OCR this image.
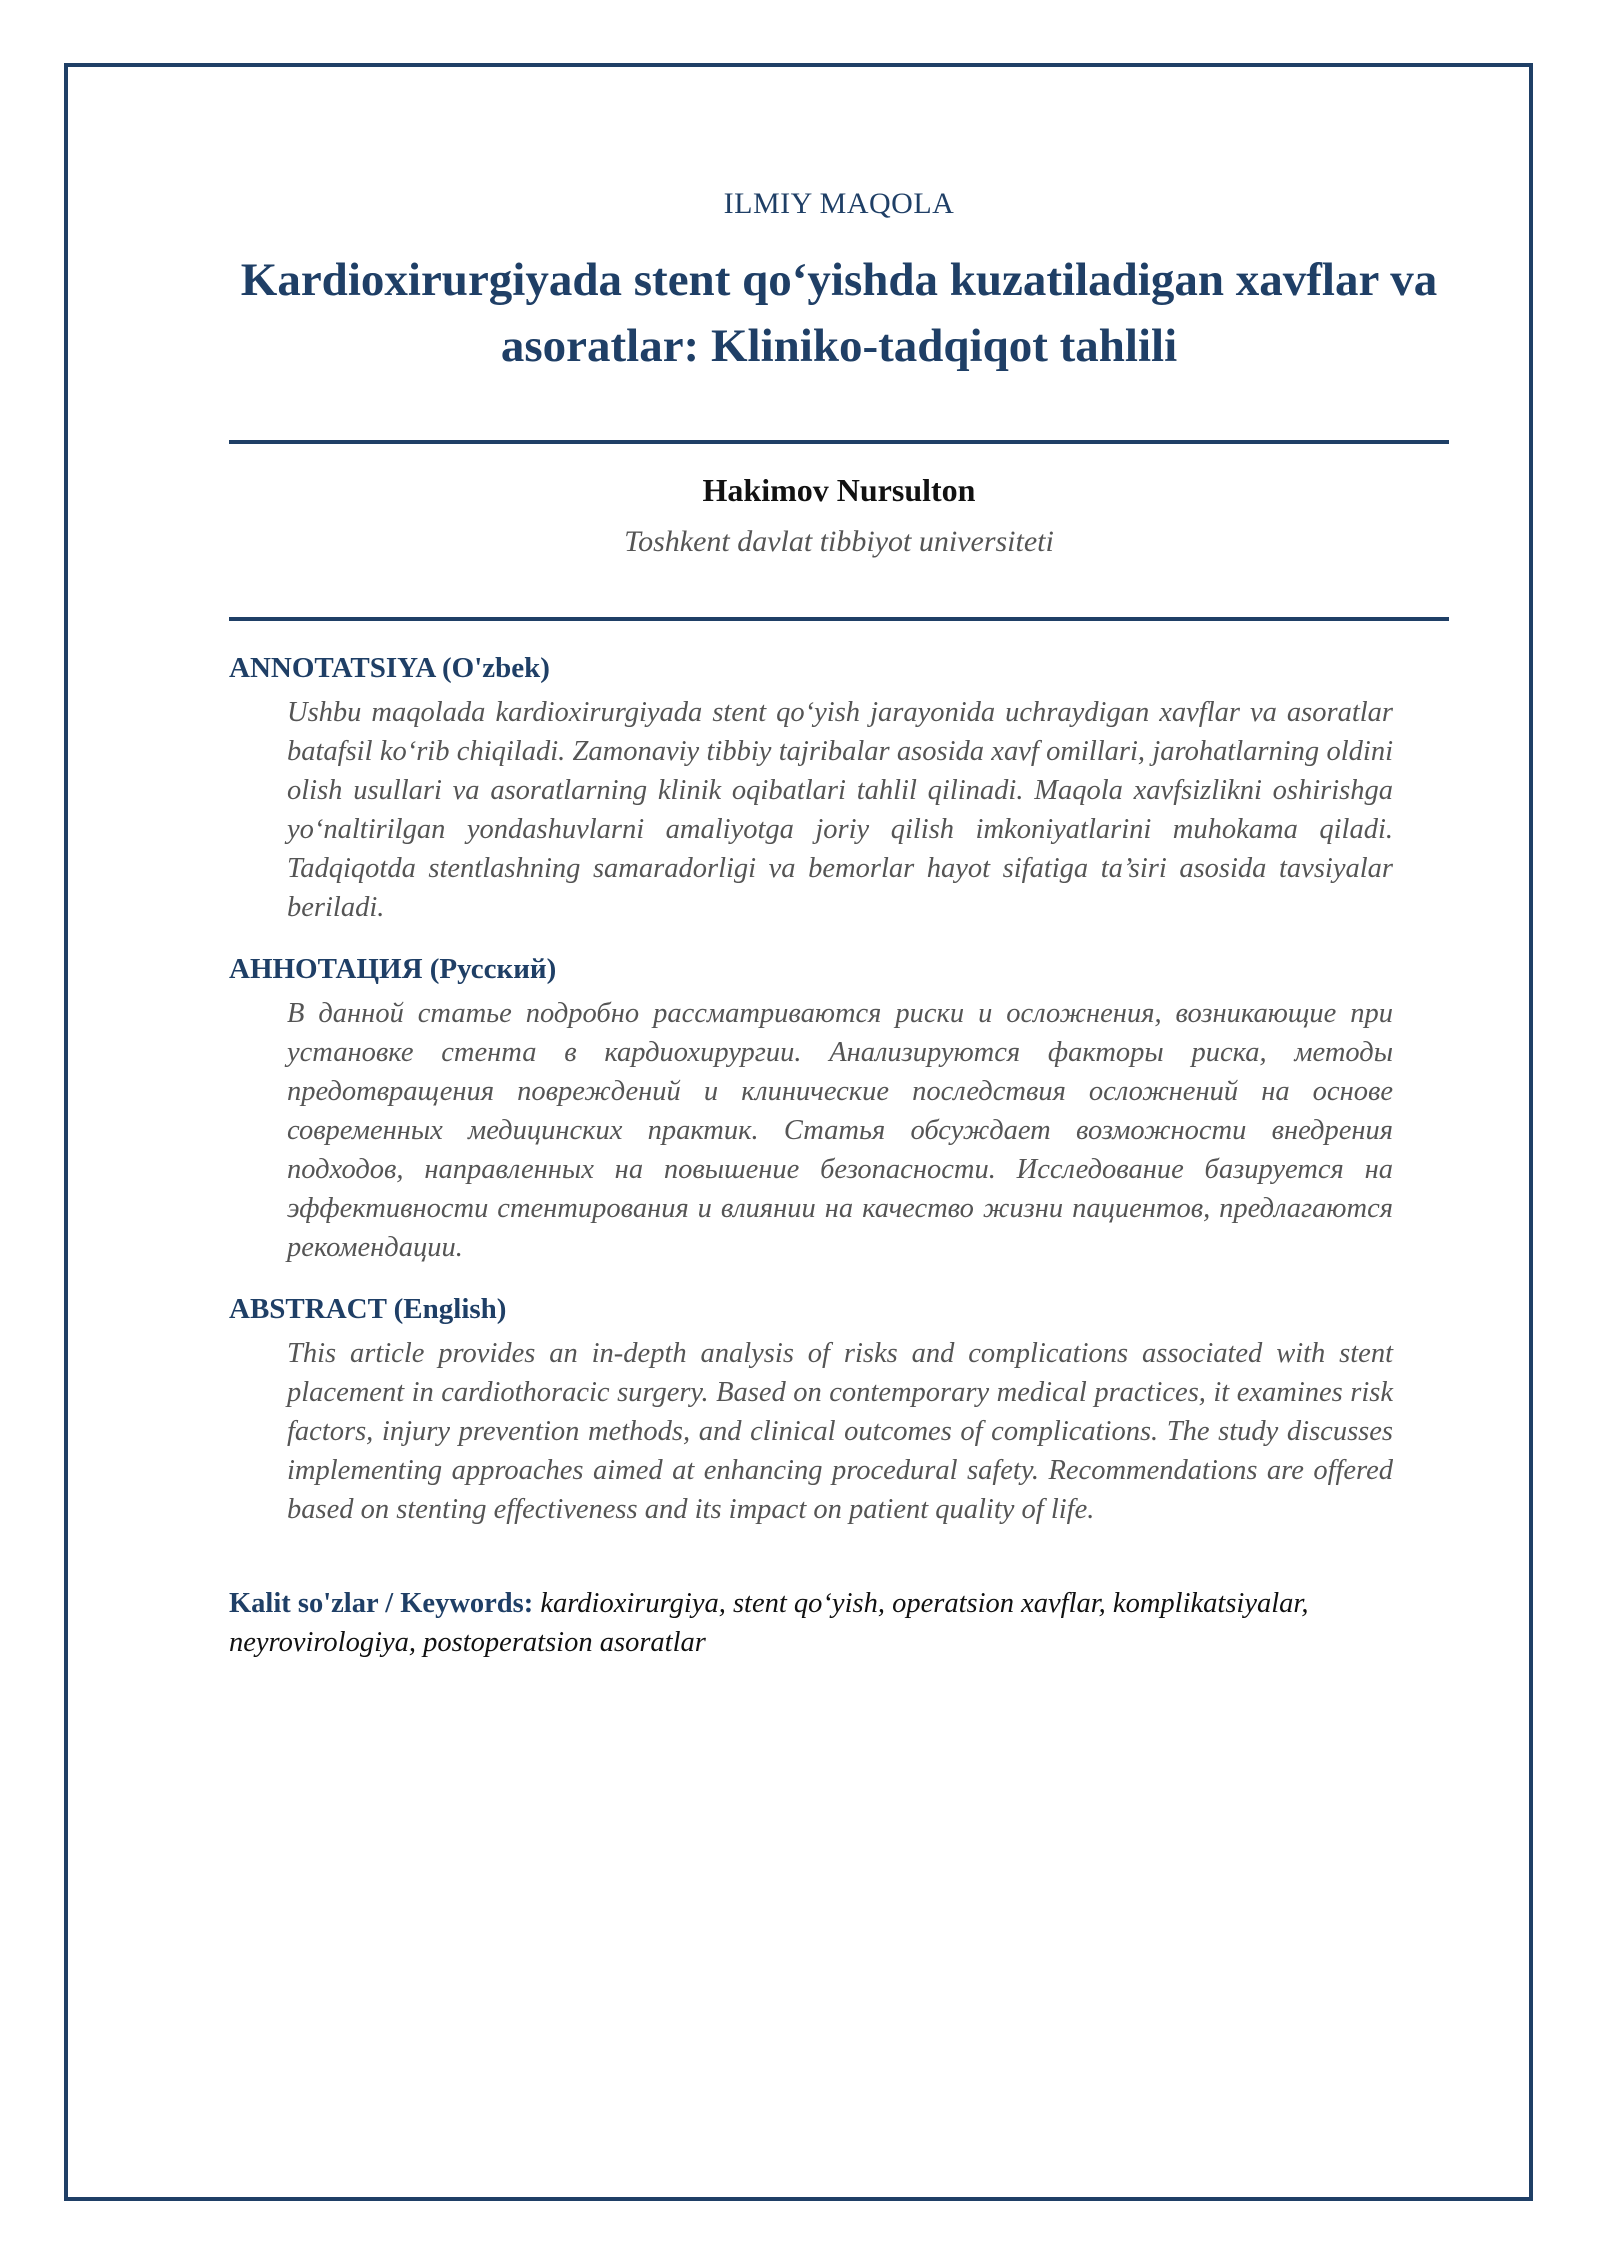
ILMIY MAQOLA
Kardioxirurgiyada stent qo‘yishda kuzatiladigan xavflar va asoratlar: Kliniko-tadqiqot tahlili
Hakimov Nursulton
Toshkent davlat tibbiyot universiteti
ANNOTATSIYA (O'zbek)

Ushbu maqolada kardioxirurgiyada stent qo‘yish jarayonida uchraydigan xavflar va asoratlar batafsil ko‘rib chiqiladi. Zamonaviy tibbiy tajribalar asosida xavf omillari, jarohatlarning oldini olish usullari va asoratlarning klinik oqibatlari tahlil qilinadi. Maqola xavfsizlikni oshirishga yo‘naltirilgan yondashuvlarni amaliyotga joriy qilish imkoniyatlarini muhokama qiladi. Tadqiqotda stentlashning samaradorligi va bemorlar hayot sifatiga ta’siri asosida tavsiyalar beriladi.

АННОТАЦИЯ (Русский)

В данной статье подробно рассматриваются риски и осложнения, возникающие при установке стента в кардиохирургии. Анализируются факторы риска, методы предотвращения повреждений и клинические последствия осложнений на основе современных медицинских практик. Статья обсуждает возможности внедрения подходов, направленных на повышение безопасности. Исследование базируется на эффективности стентирования и влиянии на качество жизни пациентов, предлагаются рекомендации.

ABSTRACT (English)

This article provides an in-depth analysis of risks and complications associated with stent placement in cardiothoracic surgery. Based on contemporary medical practices, it examines risk factors, injury prevention methods, and clinical outcomes of complications. The study discusses implementing approaches aimed at enhancing procedural safety. Recommendations are offered based on stenting effectiveness and its impact on patient quality of life.

Kalit so'zlar / Keywords: kardioxirurgiya, stent qo‘yish, operatsion xavflar, komplikatsiyalar, neyrovirologiya, postoperatsion asoratlar
